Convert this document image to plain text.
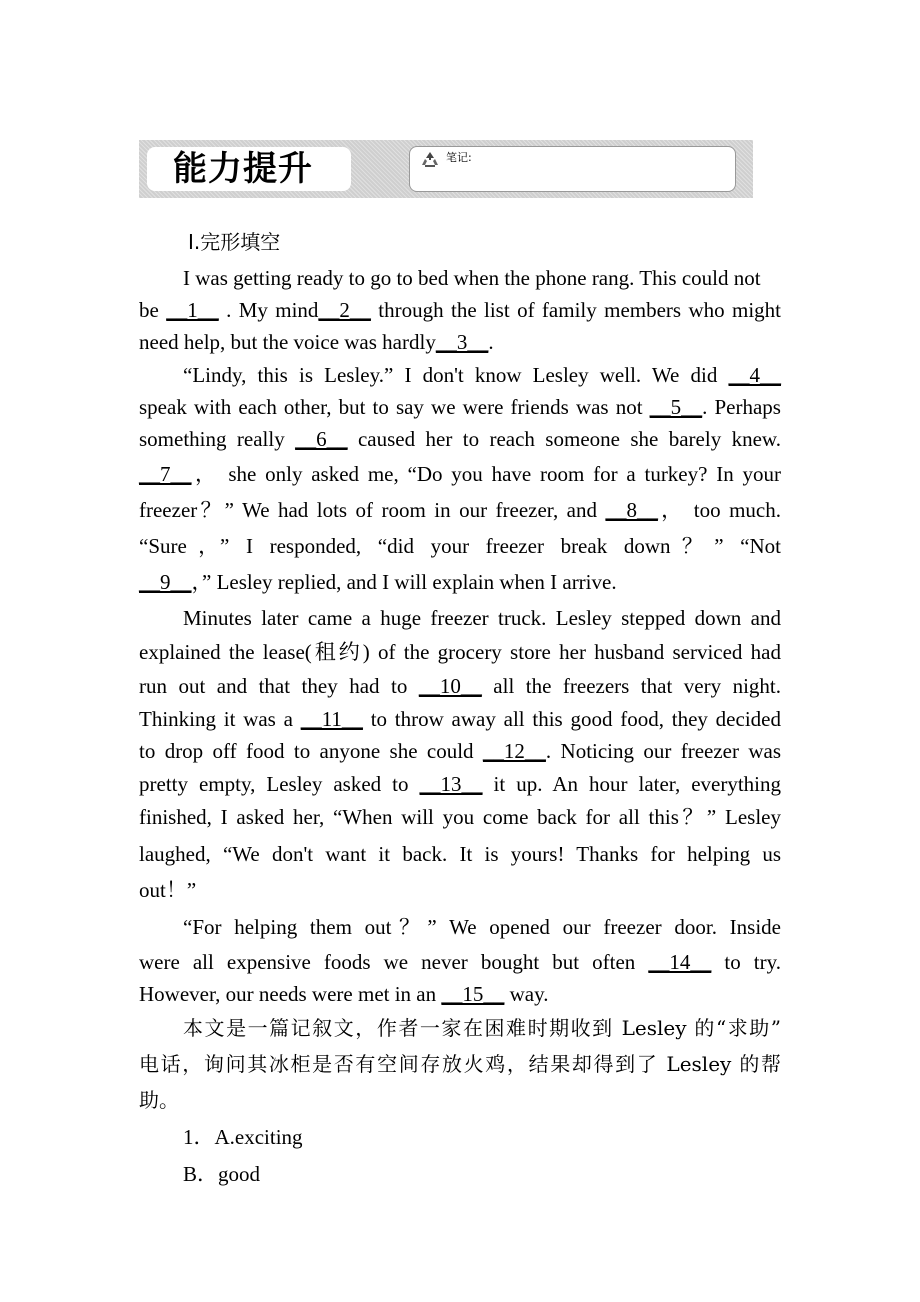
能力提升	笔记:
Ⅰ.完形填空
I was getting ready to go to bed when the phone rang. This could not
be __1__ . My mind__2__ through the list of family members who might
need help, but the voice was hardly__3__.
“Lindy, this is Lesley.” I don't know Lesley well. We did __4__
speak with each other, but to say we were friends was not __5__. Perhaps
something really __6__ caused her to reach someone she barely knew.
__7__， she only asked me, “Do you have room for a turkey? In your
freezer？” We had lots of room in our freezer, and __8__， too much.
“Sure，” I responded, “did your freezer break down？” “Not
__9__，” Lesley replied, and I will explain when I arrive.
Minutes later came a huge freezer truck. Lesley stepped down and
explained the lease(租约) of the grocery store her husband serviced had
run out and that they had to __10__ all the freezers that very night.
Thinking it was a __11__ to throw away all this good food, they decided
to drop off food to anyone she could __12__. Noticing our freezer was
pretty empty, Lesley asked to __13__ it up. An hour later, everything
finished, I asked her, “When will you come back for all this？” Lesley
laughed, “We don't want it back. It is yours! Thanks for helping us
out！”
“For helping them out？” We opened our freezer door. Inside
were all expensive foods we never bought but often __14__ to try.
However, our needs were met in an __15__ way.
本文是一篇记叙文，作者一家在困难时期收到 Lesley 的“求助”
电话，询问其冰柜是否有空间存放火鸡，结果却得到了 Lesley 的帮
助。
1．A.exciting
B．good
